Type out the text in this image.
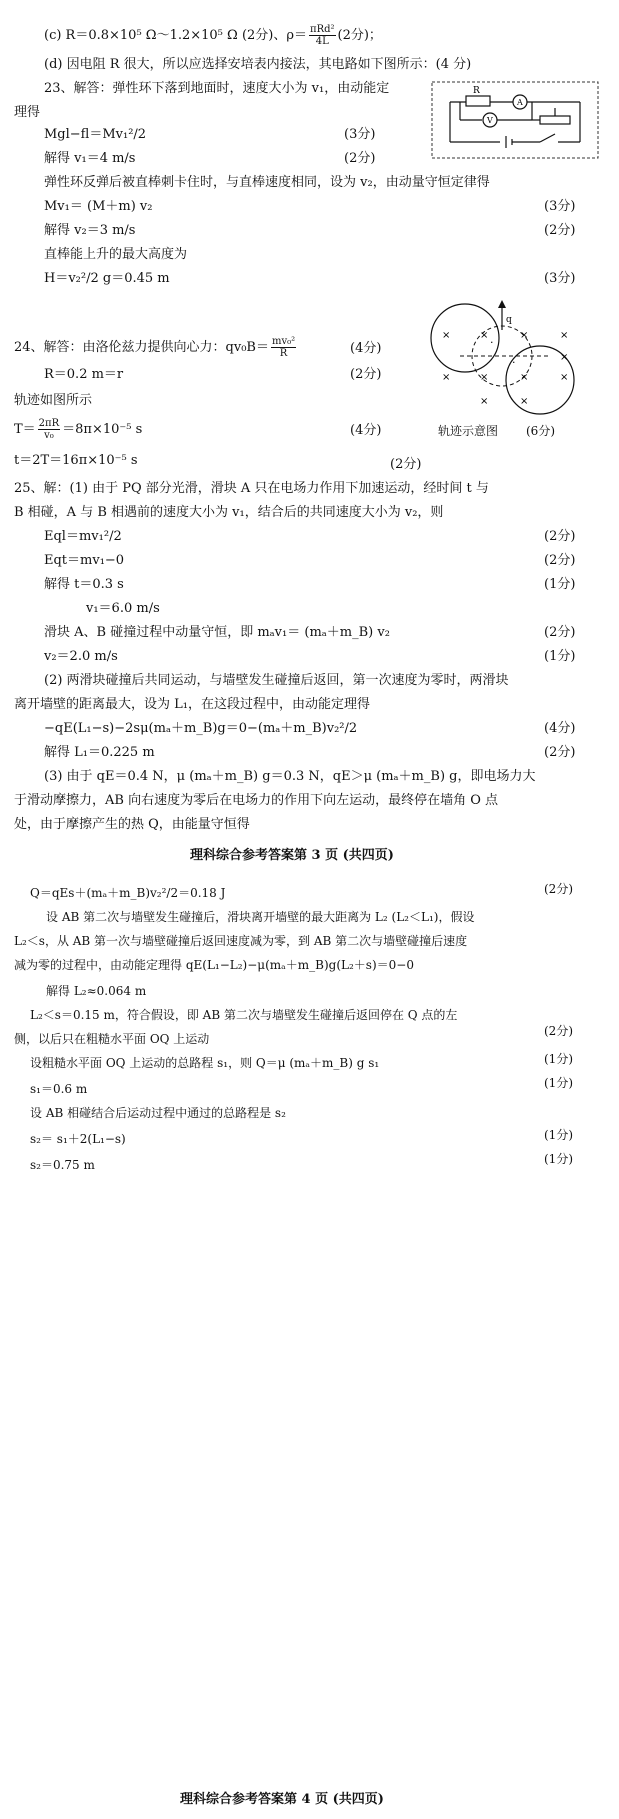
(c) R＝0.8×10⁵ Ω～1.2×10⁵ Ω (2分)、$\rho= \frac{\text{πRd²}}{4L} (2$分)；
(d) 因电阻 R 很大，所以应选择安培表内接法，其电路如下图所示：(4 分)
23、解答：弹性环下落到地面时，速度大小为 v₁，由动能定
理得
Mgl−fl＝Mv₁²/2	(3分)
解得 v₁＝4 m/s	(2分)
弹性环反弹后被直棒刺卡住时，与直棒速度相同，设为 v₂，由动量守恒定律得
Mv₁＝ (M＋m) v₂	(3分)
解得 v₂＝3 m/s	(2分)
直棒能上升的最大高度为
H＝v₂²/2 g＝0.45 m	(3分)
R
A
V
24、解答：由洛伦兹力提供向心力：$qv_0B= \frac{\text{mv₀²}}{R}$	(4分)
R＝0.2 m＝r	(2分)
轨迹如图所示
$T= \frac{2\pi R}{\text{v₀}} =8\pi\times 10^{-5}$ s	(4分)	轨迹示意图 (6分)
t＝2T＝16π×10⁻⁵ s	(2分)
q
×	×	×	×
×
×	×	×	×
×	×
·
·
25、解：(1) 由于 PQ 部分光滑，滑块 A 只在电场力作用下加速运动，经时间 t 与
B 相碰，A 与 B 相遇前的速度大小为 v₁，结合后的共同速度大小为 v₂，则
Eql＝mv₁²/2	(2分)
Eqt＝mv₁−0	(2分)
解得 t＝0.3 s	(1分)
v₁＝6.0 m/s
滑块 A、B 碰撞过程中动量守恒，即 mₐv₁＝ (mₐ＋m_B) v₂	(2分)
v₂＝2.0 m/s	(1分)
(2) 两滑块碰撞后共同运动，与墙壁发生碰撞后返回，第一次速度为零时，两滑块
离开墙壁的距离最大，设为 L₁，在这段过程中，由动能定理得
−qE(L₁−s)−2sμ(mₐ＋m_B)g＝0−(mₐ＋m_B)v₂²/2	(4分)
解得 L₁＝0.225 m	(2分)
(3) 由于 qE＝0.4 N，μ (mₐ＋m_B) g＝0.3 N，qE＞μ (mₐ＋m_B) g，即电场力大
于滑动摩擦力，AB 向右速度为零后在电场力的作用下向左运动，最终停在墙角 O 点
处，由于摩擦产生的热 Q，由能量守恒得
理科综合参考答案第 3 页 (共四页)
Q＝qEs＋(mₐ＋m_B)v₂²/2＝0.18 J	(2分)
设 AB 第二次与墙壁发生碰撞后，滑块离开墙壁的最大距离为 L₂ (L₂＜L₁)，假设
L₂＜s，从 AB 第一次与墙壁碰撞后返回速度减为零，到 AB 第二次与墙壁碰撞后速度
减为零的过程中，由动能定理得 qE(L₁−L₂)−μ(mₐ＋m_B)g(L₂＋s)＝0−0
解得 L₂≈0.064 m
L₂＜s＝0.15 m，符合假设，即 AB 第二次与墙壁发生碰撞后返回停在 Q 点的左
侧，以后只在粗糙水平面 OQ 上运动
(2分)
设粗糙水平面 OQ 上运动的总路程 s₁，则 Q＝μ (mₐ＋m_B) g s₁	(1分)
s₁＝0.6 m	(1分)
设 AB 相碰结合后运动过程中通过的总路程是 s₂
s₂＝ s₁＋2(L₁−s)	(1分)
s₂＝0.75 m	(1分)
理科综合参考答案第 4 页 (共四页)
